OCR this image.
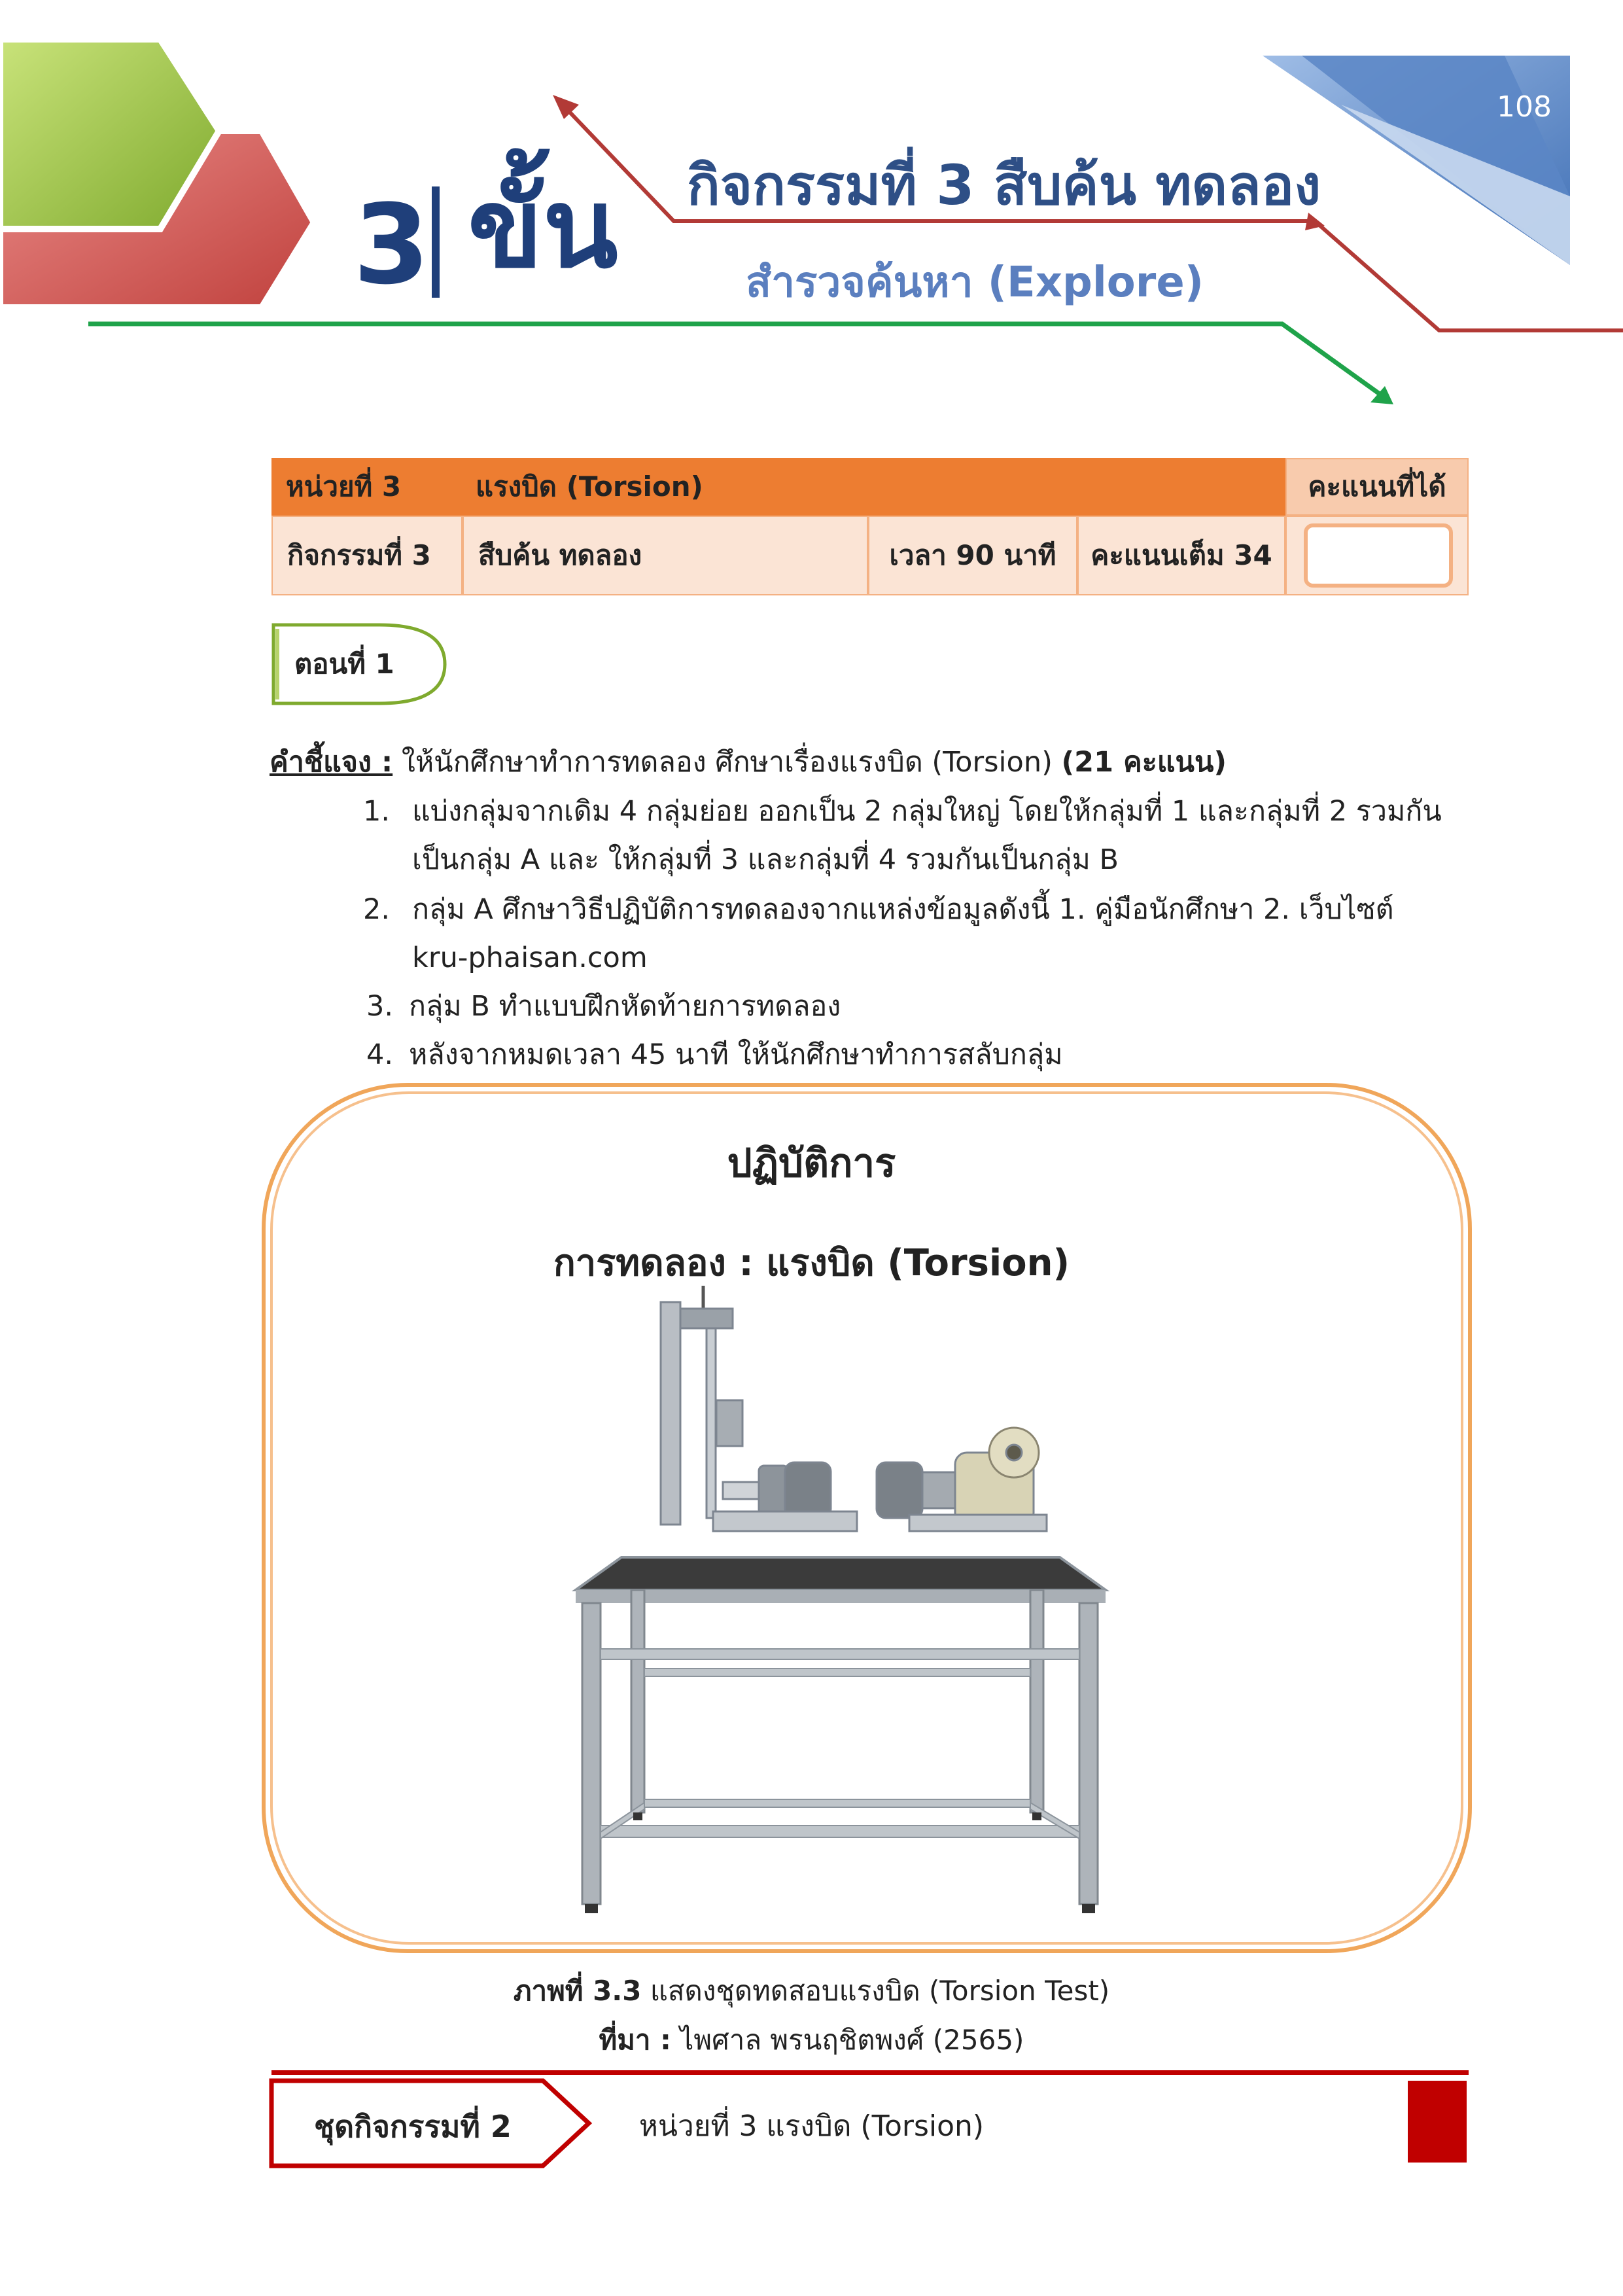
108
3 ขั้น กิจกรรมที่ 3 สืบค้น ทดลอง
สำรวจค้นหา (Explore)
หน่วยที่ 3	แรงบิด (Torsion)	คะแนนที่ได้
กิจกรรมที่ 3	สืบค้น ทดลอง	เวลา 90 นาที	คะแนนเต็ม 34
ตอนที่ 1
คำชี้แจง : ให้นักศึกษาทำการทดลอง ศึกษาเรื่องแรงบิด (Torsion) (21 คะแนน)
1. แบ่งกลุ่มจากเดิม 4 กลุ่มย่อย ออกเป็น 2 กลุ่มใหญ่ โดยให้กลุ่มที่ 1 และกลุ่มที่ 2 รวมกัน
เป็นกลุ่ม A และ ให้กลุ่มที่ 3 และกลุ่มที่ 4 รวมกันเป็นกลุ่ม B
2. กลุ่ม A ศึกษาวิธีปฏิบัติการทดลองจากแหล่งข้อมูลดังนี้ 1. คู่มือนักศึกษา 2. เว็บไซต์
kru-phaisan.com
3. กลุ่ม B ทำแบบฝึกหัดท้ายการทดลอง
4. หลังจากหมดเวลา 45 นาที ให้นักศึกษาทำการสลับกลุ่ม
ปฏิบัติการ
การทดลอง : แรงบิด (Torsion)
ภาพที่ 3.3 แสดงชุดทดสอบแรงบิด (Torsion Test)
ที่มา : ไพศาล พรนฤชิตพงศ์ (2565)
ชุดกิจกรรมที่ 2	หน่วยที่ 3 แรงบิด (Torsion)
